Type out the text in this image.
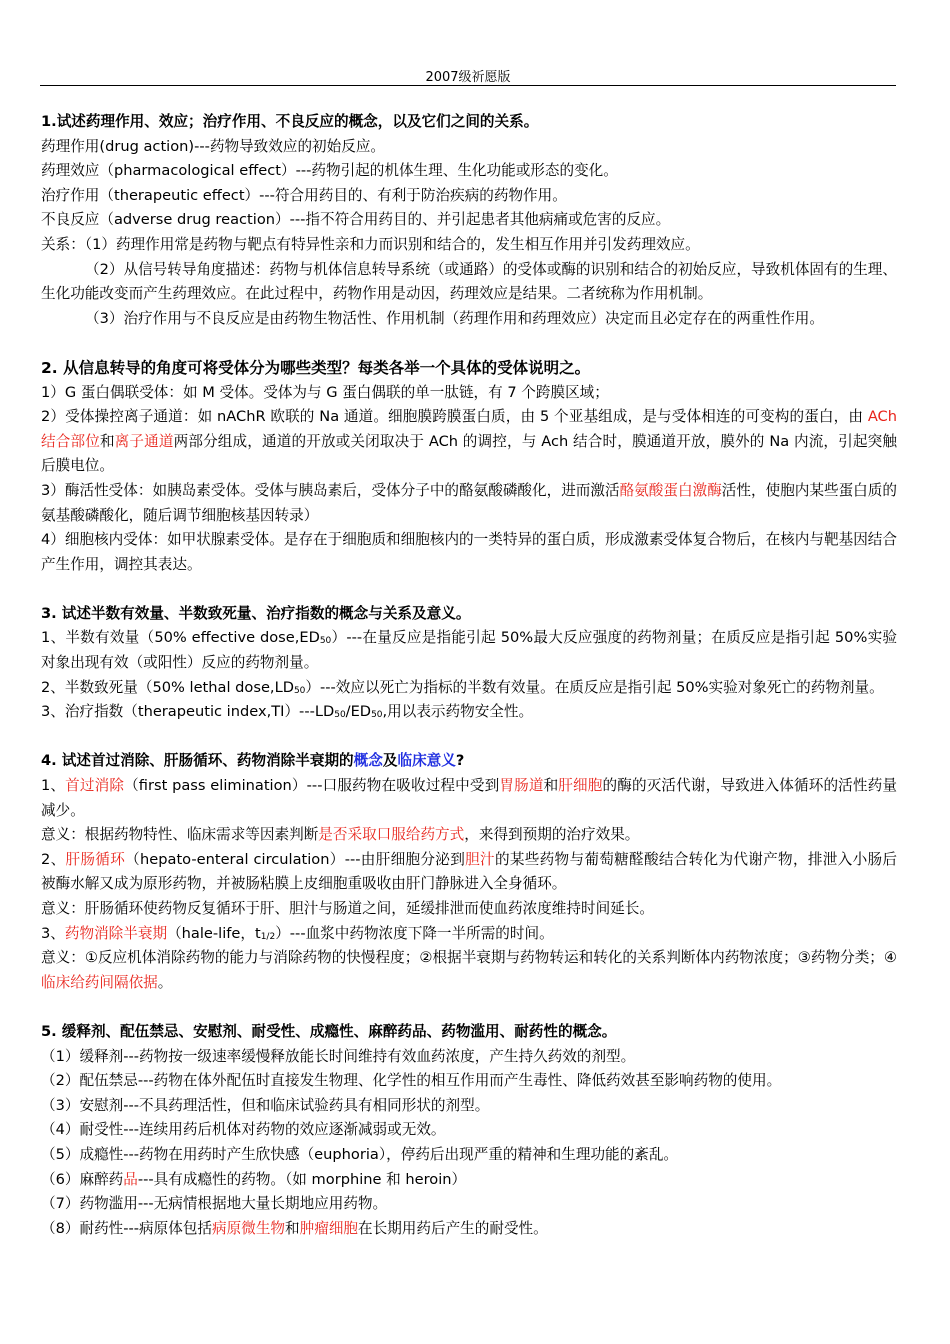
2007级祈愿版

1.试述药理作用、效应；治疗作用、不良反应的概念，以及它们之间的关系。

药理作用(drug action)---药物导致效应的初始反应。

药理效应（pharmacological effect）---药物引起的机体生理、生化功能或形态的变化。

治疗作用（therapeutic effect）---符合用药目的、有利于防治疾病的药物作用。

不良反应（adverse drug reaction）---指不符合用药目的、并引起患者其他病痛或危害的反应。

关系：（1）药理作用常是药物与靶点有特异性亲和力而识别和结合的，发生相互作用并引发药理效应。

（2）从信号转导角度描述：药物与机体信息转导系统（或通路）的受体或酶的识别和结合的初始反应，导致机体固有的生理、生化功能改变而产生药理效应。在此过程中，药物作用是动因，药理效应是结果。二者统称为作用机制。

（3）治疗作用与不良反应是由药物生物活性、作用机制（药理作用和药理效应）决定而且必定存在的两重性作用。

2. 从信息转导的角度可将受体分为哪些类型？每类各举一个具体的受体说明之。

1）G 蛋白偶联受体：如 M 受体。受体为与 G 蛋白偶联的单一肽链，有 7 个跨膜区域；

2）受体操控离子通道：如 nAChR 欧联的 Na 通道。细胞膜跨膜蛋白质，由 5 个亚基组成，是与受体相连的可变构的蛋白，由 ACh 结合部位和离子通道两部分组成，通道的开放或关闭取决于 ACh 的调控，与 Ach 结合时，膜通道开放，膜外的 Na 内流，引起突触后膜电位。

3）酶活性受体：如胰岛素受体。受体与胰岛素后，受体分子中的酪氨酸磷酸化，进而激活酪氨酸蛋白激酶活性，使胞内某些蛋白质的氨基酸磷酸化，随后调节细胞核基因转录）

4）细胞核内受体：如甲状腺素受体。是存在于细胞质和细胞核内的一类特异的蛋白质，形成激素受体复合物后，在核内与靶基因结合产生作用，调控其表达。

3. 试述半数有效量、半数致死量、治疗指数的概念与关系及意义。

1、半数有效量（50% effective $dose,ED_{50})---$在量反应是指能引起 50%最大反应强度的药物剂量；在质反应是指引起 50%实验对象出现有效（或阳性）反应的药物剂量。

2、半数致死量（50% lethal $dose,LD_{50})---$效应以死亡为指标的半数有效量。在质反应是指引起 50%实验对象死亡的药物剂量。

3、治疗指数（therapeutic $index,TI)---LD_{50}/ED_{50}$,用以表示药物安全性。

4. 试述首过消除、肝肠循环、药物消除半衰期的概念及临床意义?

1、首过消除（first pass elimination）---口服药物在吸收过程中受到胃肠道和肝细胞的酶的灭活代谢，导致进入体循环的活性药量减少。

意义：根据药物特性、临床需求等因素判断是否采取口服给药方式，来得到预期的治疗效果。

2、肝肠循环（hepato-enteral circulation）---由肝细胞分泌到胆汁的某些药物与葡萄糖醛酸结合转化为代谢产物，排泄入小肠后被酶水解又成为原形药物，并被肠粘膜上皮细胞重吸收由肝门静脉进入全身循环。

意义：肝肠循环使药物反复循环于肝、胆汁与肠道之间，延缓排泄而使血药浓度维持时间延长。

3、药物消除半衰期（hale-life，$t_{1/2})---$血浆中药物浓度下降一半所需的时间。

意义：①反应机体消除药物的能力与消除药物的快慢程度；②根据半衰期与药物转运和转化的关系判断体内药物浓度；③药物分类；④临床给药间隔依据。

5. 缓释剂、配伍禁忌、安慰剂、耐受性、成瘾性、麻醉药品、药物滥用、耐药性的概念。

（1）缓释剂---药物按一级速率缓慢释放能长时间维持有效血药浓度，产生持久药效的剂型。

（2）配伍禁忌---药物在体外配伍时直接发生物理、化学性的相互作用而产生毒性、降低药效甚至影响药物的使用。

（3）安慰剂---不具药理活性，但和临床试验药具有相同形状的剂型。

（4）耐受性---连续用药后机体对药物的效应逐渐减弱或无效。

（5）成瘾性---药物在用药时产生欣快感（euphoria），停药后出现严重的精神和生理功能的紊乱。

（6）麻醉药品---具有成瘾性的药物。（如 morphine 和 heroin）

（7）药物滥用---无病情根据地大量长期地应用药物。

（8）耐药性---病原体包括病原微生物和肿瘤细胞在长期用药后产生的耐受性。
